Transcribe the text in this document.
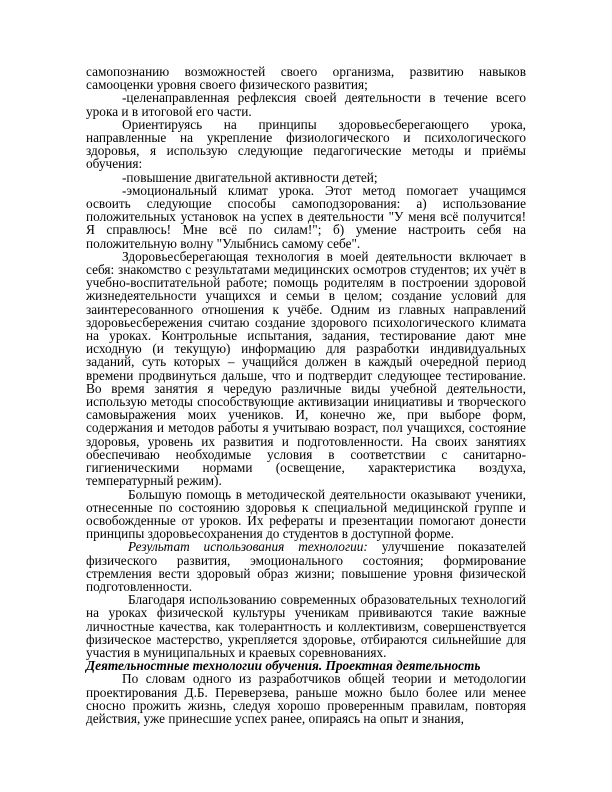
самопознанию возможностей своего организма, развитию навыков самооценки уровня своего физического развития;

-целенаправленная рефлексия своей деятельности в течение всего урока и в итоговой его части.

Ориентируясь на принципы здоровьесберегающего урока, направленные на укрепление физиологического и психологического здоровья, я использую следующие педагогические методы и приёмы обучения:

-повышение двигательной активности детей;

-эмоциональный климат урока. Этот метод помогает учащимся освоить следующие способы самоподзорования: а) использование положительных установок на успех в деятельности "У меня всё получится! Я справлюсь! Мне всё по силам!"; б) умение настроить себя на положительную волну "Улыбнись самому себе".

Здоровьесберегающая технология в моей деятельности включает в себя: знакомство с результатами медицинских осмотров студентов; их учёт в учебно-воспитательной работе; помощь родителям в построении здоровой жизнедеятельности учащихся и семьи в целом; создание условий для заинтересованного отношения к учёбе. Одним из главных направлений здоровьесбережения считаю создание здорового психологического климата на уроках. Контрольные испытания, задания, тестирование дают мне исходную (и текущую) информацию для разработки индивидуальных заданий, суть которых – учащийся должен в каждый очередной период времени продвинуться дальше, что и подтвердит следующее тестирование. Во время занятия я чередую различные виды учебной деятельности, использую методы способствующие активизации инициативы и творческого самовыражения моих учеников. И, конечно же, при выборе форм, содержания и методов работы я учитываю возраст, пол учащихся, состояние здоровья, уровень их развития и подготовленности. На своих занятиях обеспечиваю необходимые условия в соответствии с санитарно-гигиеническими нормами (освещение, характеристика воздуха, температурный режим).

Большую помощь в методической деятельности оказывают ученики, отнесенные по состоянию здоровья к специальной медицинской группе и освобожденные от уроков. Их рефераты и презентации помогают донести принципы здоровьесохранения до студентов в доступной форме.

Результат использования технологии: улучшение показателей физического развития, эмоционального состояния; формирование стремления вести здоровый образ жизни; повышение уровня физической подготовленности.

Благодаря использованию современных образовательных технологий на уроках физической культуры ученикам прививаются такие важные личностные качества, как толерантность и коллективизм, совершенствуется физическое мастерство, укрепляется здоровье, отбираются сильнейшие для участия в муниципальных и краевых соревнованиях.

Деятельностные технологии обучения. Проектная деятельность

По словам одного из разработчиков общей теории и методологии проектирования Д.Б. Переверзева, раньше можно было более или менее сносно прожить жизнь, следуя хорошо проверенным правилам, повторяя действия, уже принесшие успех ранее, опираясь на опыт и знания,
